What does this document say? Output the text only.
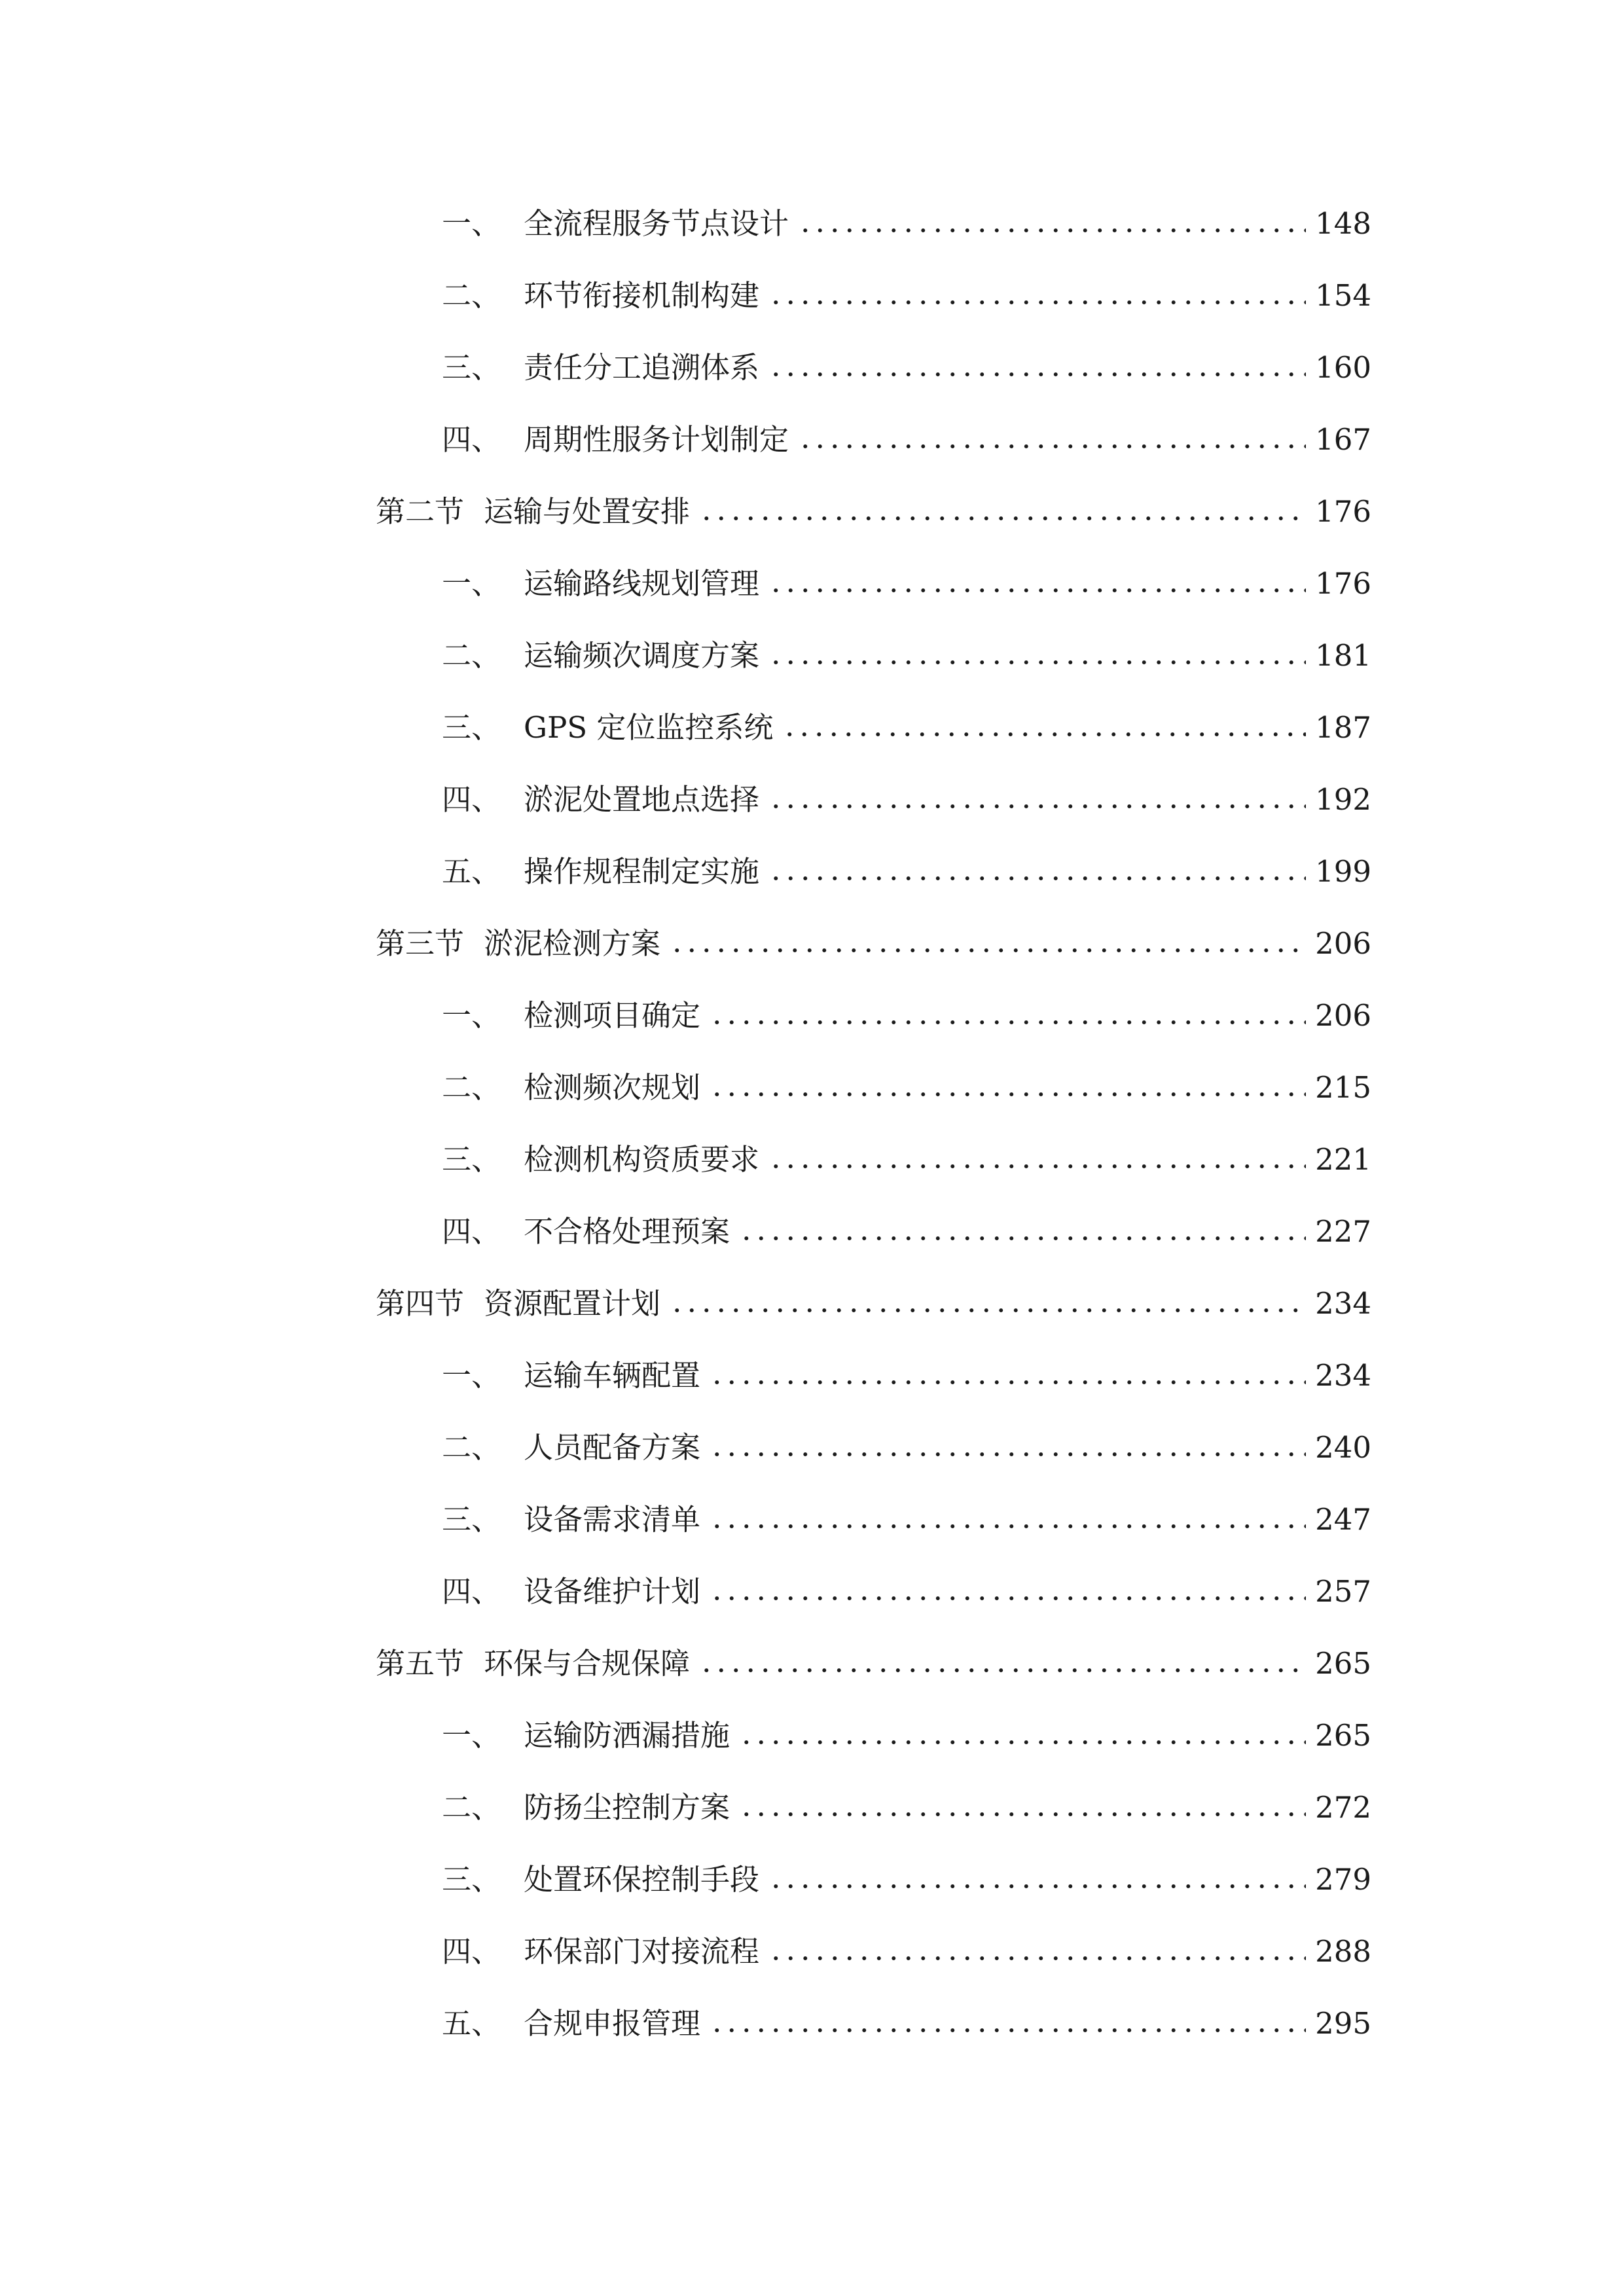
一、 全流程服务节点设计	148
二、 环节衔接机制构建	154
三、 责任分工追溯体系	160
四、 周期性服务计划制定	167
第二节 运输与处置安排	176
一、 运输路线规划管理	176
二、 运输频次调度方案	181
三、 GPS 定位监控系统	187
四、 淤泥处置地点选择	192
五、 操作规程制定实施	199
第三节 淤泥检测方案	206
一、 检测项目确定	206
二、 检测频次规划	215
三、 检测机构资质要求	221
四、 不合格处理预案	227
第四节 资源配置计划	234
一、 运输车辆配置	234
二、 人员配备方案	240
三、 设备需求清单	247
四、 设备维护计划	257
第五节 环保与合规保障	265
一、 运输防洒漏措施	265
二、 防扬尘控制方案	272
三、 处置环保控制手段	279
四、 环保部门对接流程	288
五、 合规申报管理	295
